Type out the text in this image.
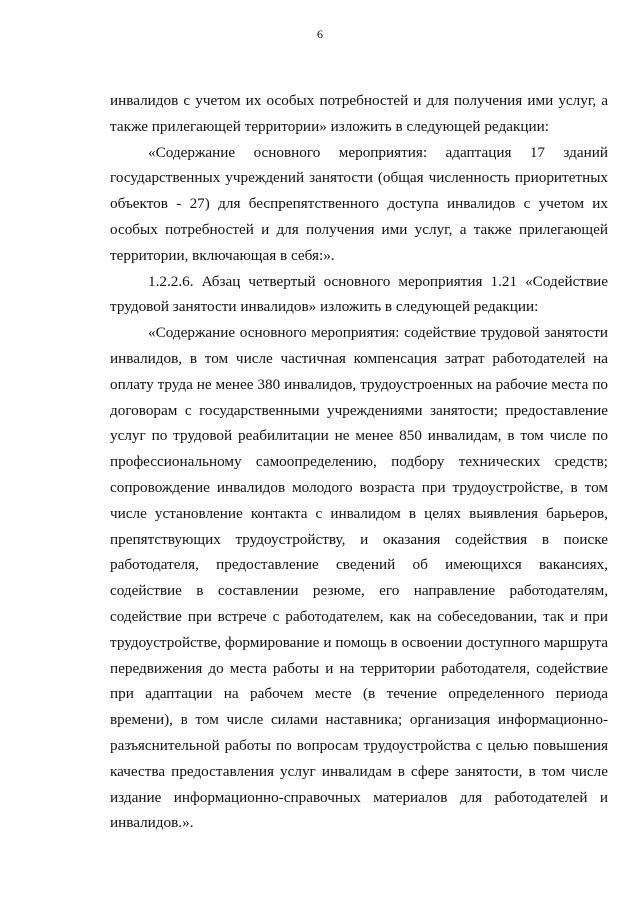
6

инвалидов с учетом их особых потребностей и для получения ими услуг, а также прилегающей территории» изложить в следующей редакции:

«Содержание основного мероприятия: адаптация 17 зданий государственных учреждений занятости (общая численность приоритетных объектов - 27) для беспрепятственного доступа инвалидов с учетом их особых потребностей и для получения ими услуг, а также прилегающей территории, включающая в себя:».

1.2.2.6. Абзац четвертый основного мероприятия 1.21 «Содействие трудовой занятости инвалидов» изложить в следующей редакции:

«Содержание основного мероприятия: содействие трудовой занятости инвалидов, в том числе частичная компенсация затрат работодателей на оплату труда не менее 380 инвалидов, трудоустроенных на рабочие места по договорам с государственными учреждениями занятости; предоставление услуг по трудовой реабилитации не менее 850 инвалидам, в том числе по профессиональному самоопределению, подбору технических средств; сопровождение инвалидов молодого возраста при трудоустройстве, в том числе установление контакта с инвалидом в целях выявления барьеров, препятствующих трудоустройству, и оказания содействия в поиске работодателя, предоставление сведений об имеющихся вакансиях, содействие в составлении резюме, его направление работодателям, содействие при встрече с работодателем, как на собеседовании, так и при трудоустройстве, формирование и помощь в освоении доступного маршрута передвижения до места работы и на территории работодателя, содействие при адаптации на рабочем месте (в течение определенного периода времени), в том числе силами наставника; организация информационно- разъяснительной работы по вопросам трудоустройства с целью повышения качества предоставления услуг инвалидам в сфере занятости, в том числе издание информационно-справочных материалов для работодателей и инвалидов.».
